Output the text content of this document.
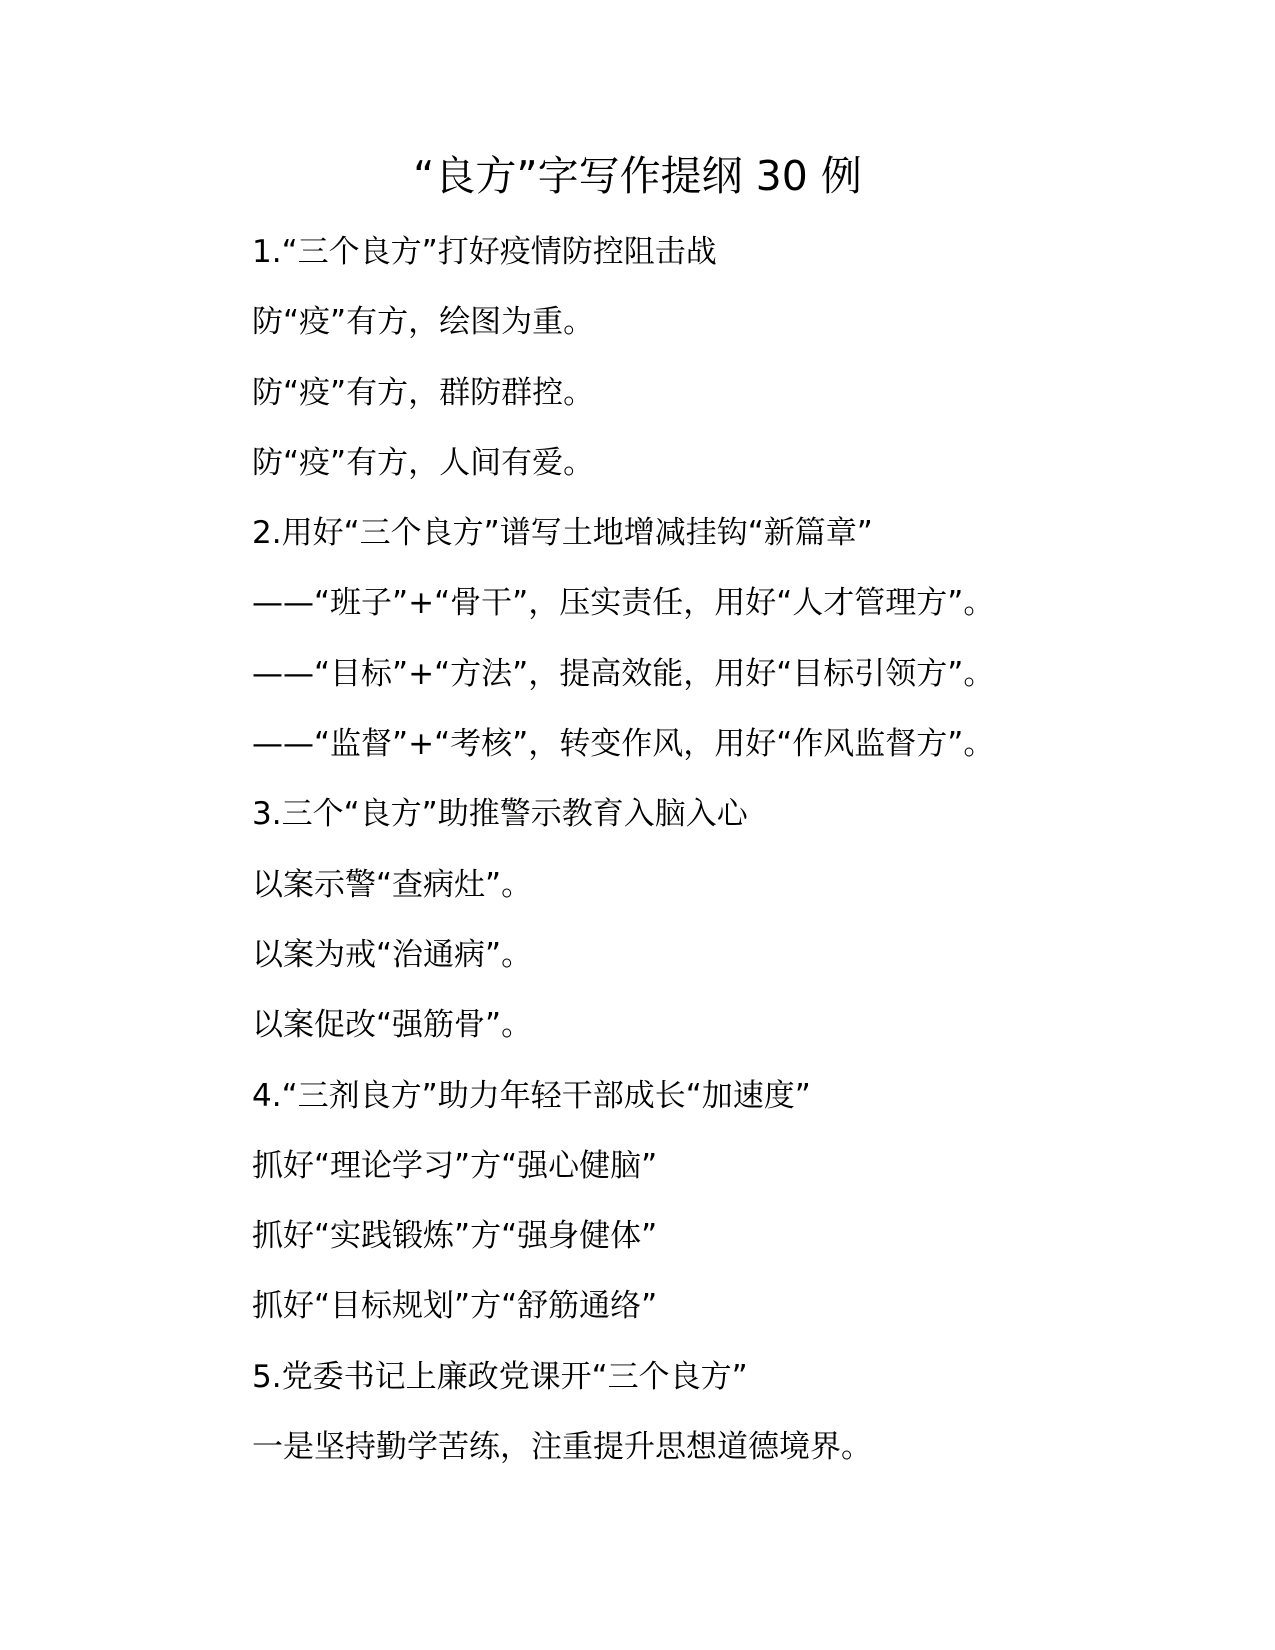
“良方”字写作提纲 30 例
1.“三个良方”打好疫情防控阻击战
防“疫”有方，绘图为重。
防“疫”有方，群防群控。
防“疫”有方，人间有爱。
2.用好“三个良方”谱写土地增减挂钩“新篇章”
——“班子”+“骨干”，压实责任，用好“人才管理方”。
——“目标”+“方法”，提高效能，用好“目标引领方”。
——“监督”+“考核”，转变作风，用好“作风监督方”。
3.三个“良方”助推警示教育入脑入心
以案示警“查病灶”。
以案为戒“治通病”。
以案促改“强筋骨”。
4.“三剂良方”助力年轻干部成长“加速度”
抓好“理论学习”方“强心健脑”
抓好“实践锻炼”方“强身健体”
抓好“目标规划”方“舒筋通络”
5.党委书记上廉政党课开“三个良方”
一是坚持勤学苦练，注重提升思想道德境界。
